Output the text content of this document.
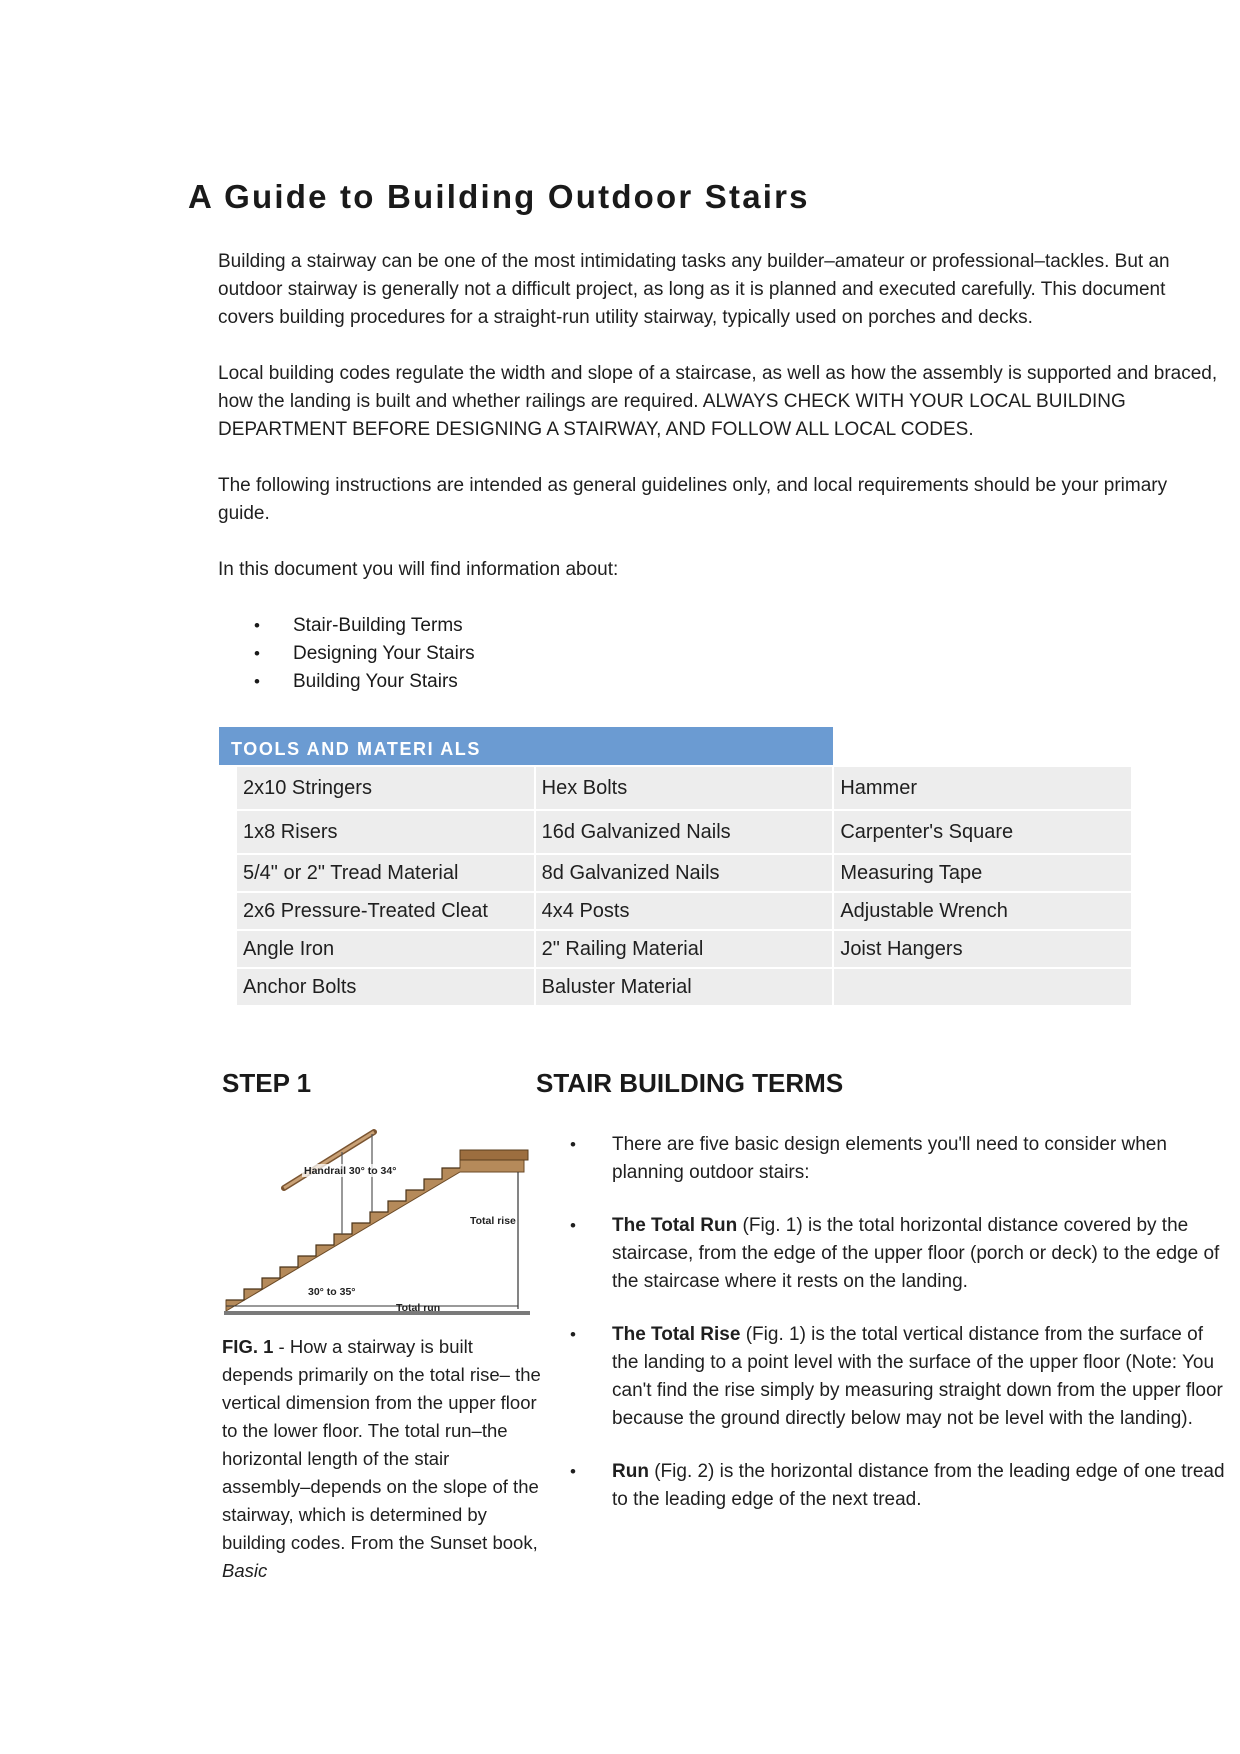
A Guide to Building Outdoor Stairs

Building a stairway can be one of the most intimidating tasks any builder–amateur or professional–tackles. But an outdoor stairway is generally not a difficult project, as long as it is planned and executed carefully. This document covers building procedures for a straight-run utility stairway, typically used on porches and decks.

Local building codes regulate the width and slope of a staircase, as well as how the assembly is supported and braced, how the landing is built and whether railings are required. ALWAYS CHECK WITH YOUR LOCAL BUILDING DEPARTMENT BEFORE DESIGNING A STAIRWAY, AND FOLLOW ALL LOCAL CODES.

The following instructions are intended as general guidelines only, and local requirements should be your primary guide.

In this document you will find information about:

• Stair-Building Terms
• Designing Your Stairs
• Building Your Stairs
TOOLS AND MATERI ALS
2x10 Stringers	Hex Bolts	Hammer
1x8 Risers	16d Galvanized Nails	Carpenter's Square
5/4" or 2" Tread Material	8d Galvanized Nails	Measuring Tape
2x6 Pressure-Treated Cleat	4x4 Posts	Adjustable Wrench
Angle Iron	2" Railing Material	Joist Hangers
Anchor Bolts	Baluster Material	
STEP 1
Handrail 30° to 34°
Total rise
30° to 35°
Total run

FIG. 1 - How a stairway is built depends primarily on the total rise– the vertical dimension from the upper floor to the lower floor. The total run–the horizontal length of the stair assembly–depends on the slope of the stairway, which is determined by building codes. From the Sunset book, Basic

STAIR BUILDING TERMS
• There are five basic design elements you'll need to consider when planning outdoor stairs:
• The Total Run (Fig. 1) is the total horizontal distance covered by the staircase, from the edge of the upper floor (porch or deck) to the edge of the staircase where it rests on the landing.
• The Total Rise (Fig. 1) is the total vertical distance from the surface of the landing to a point level with the surface of the upper floor (Note: You can't find the rise simply by measuring straight down from the upper floor because the ground directly below may not be level with the landing).
• Run (Fig. 2) is the horizontal distance from the leading edge of one tread to the leading edge of the next tread.
